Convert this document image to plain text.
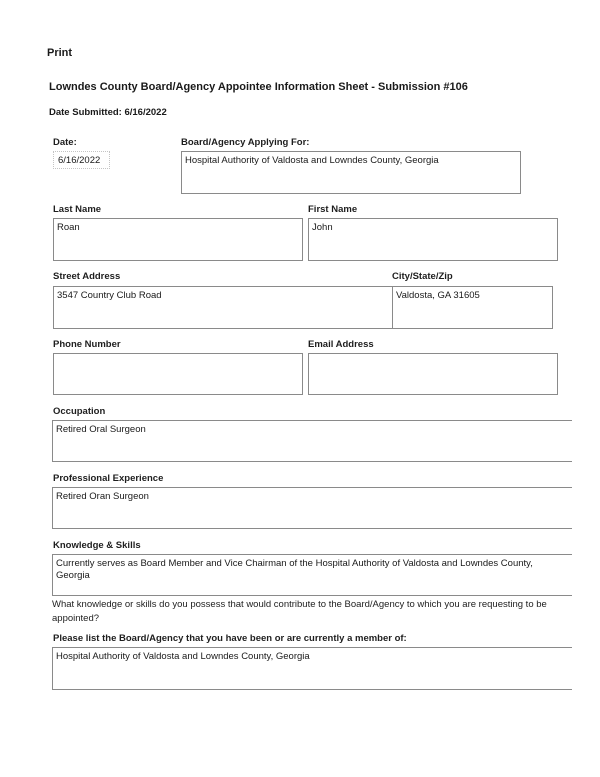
Print
Lowndes County Board/Agency Appointee Information Sheet - Submission #106
Date Submitted: 6/16/2022
Date:
6/16/2022
Board/Agency Applying For:
Hospital Authority of Valdosta and Lowndes County, Georgia
Last Name
Roan
First Name
John
Street Address
3547 Country Club Road
City/State/Zip
Valdosta, GA 31605
Phone Number	Email Address
Occupation
Retired Oral Surgeon
Professional Experience
Retired Oran Surgeon
Knowledge & Skills
Currently serves as Board Member and Vice Chairman of the Hospital Authority of Valdosta and Lowndes County, Georgia
What knowledge or skills do you possess that would contribute to the Board/Agency to which you are requesting to be appointed?
Please list the Board/Agency that you have been or are currently a member of:
Hospital Authority of Valdosta and Lowndes County, Georgia
